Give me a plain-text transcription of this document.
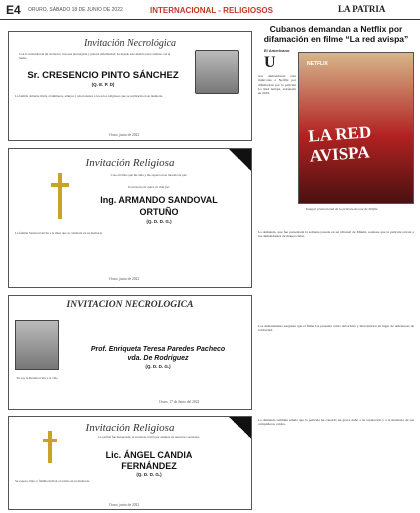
E4 ORURO, SÁBADO 18 DE JUNIO DE 2022	INTERNACIONAL - RELIGIOSOS	LA PATRIA
Invitación Necrológica
Con la serenidad de un atardecer, tras una prolongada y penosa enfermedad, ha dejado este mundo para reunirse con el Señor.
Sr. CRESENCIO PINTO SÁNCHEZ
(Q. E. P. D)
La familia doliente invita a familiares, amigos y relacionados a los actos religiosos que se realizarán en su memoria.
Oruro, junio de 2022
Invitación Religiosa
Creo en Dios que me ama y me espera en su morada de paz.
In memoria de quien en vida fue:
Ing. ARMANDO SANDOVAL
ORTUÑO
(Q. D. D. G.)
La familia Sandoval invita a la misa que se celebrará en su memoria.
Oruro, junio de 2022
INVITACION NECROLOGICA
Yo soy la Resurrección y la vida
Prof. Enriqueta Teresa Paredes Pacheco
vda. De Rodríguez
(Q. D. D. G.)
Oruro, 17 de Junio del 2022
Invitación Religiosa
La partida fue inesperada, tu recuerdo vivirá por siempre en nuestros corazones.
Lic. ÁNGEL CANDIA
FERNÁNDEZ
(Q. D. D. G.)
Su esposa, hijos y familia invitan a la misa en su memoria.
Oruro, junio de 2022
Cubanos demandan a Netflix por difamación en filme “La red avispa”
El Americano
U	NETFLIX
LA RED AVISPA
Imagen promocional de la película de una de Netflix.
nos demandaron este miércoles a Netflix por difamación por la película La Red Avispa, estrenada en 2019.
La demanda, que fue presentada la semana pasada en un tribunal de Miami, sostiene que la película retrata a los demandantes de manera falsa.
Los demandantes aseguran que el filme los presenta como terroristas y mercenarios en lugar de defensores de la libertad.
La demanda también señala que la película ha causado un grave daño a su reputación y a la memoria de sus compañeros caídos.
